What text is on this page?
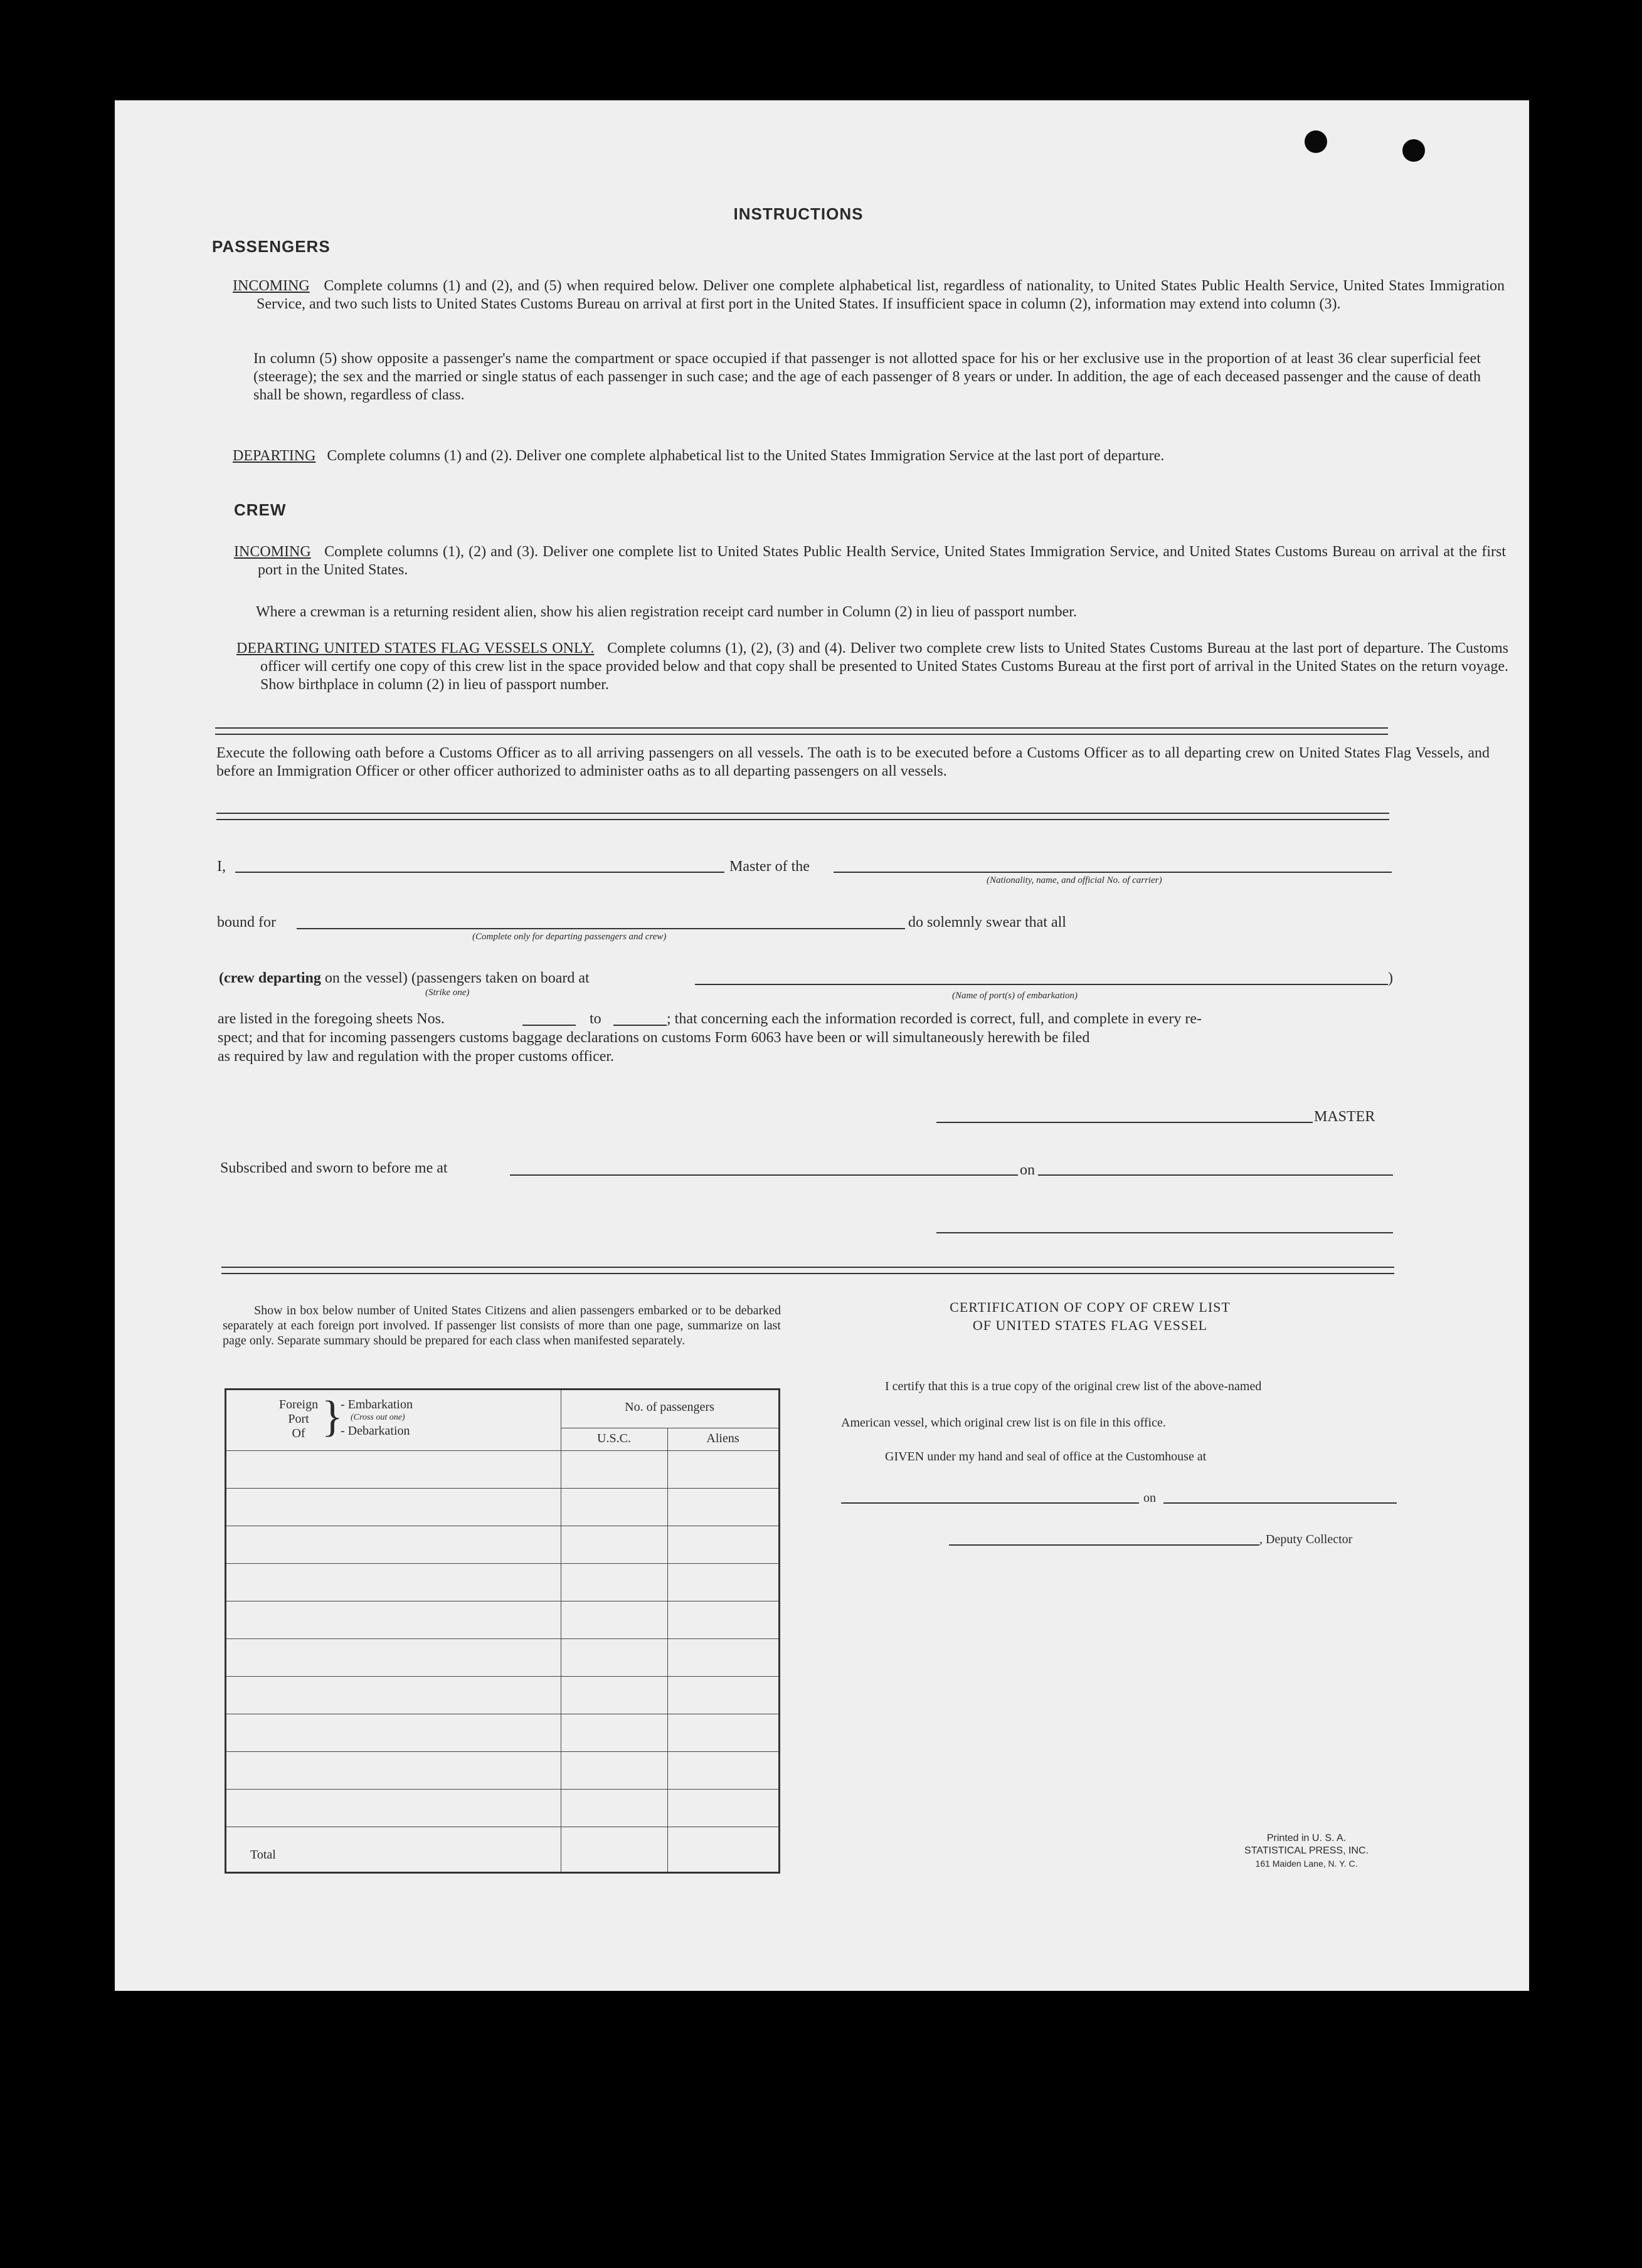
INSTRUCTIONS
PASSENGERS
INCOMING Complete columns (1) and (2), and (5) when required below. Deliver one complete alphabetical list, regardless of nationality, to United States Public Health Service, United States Immigration Service, and two such lists to United States Customs Bureau on arrival at first port in the United States. If insufficient space in column (2), information may extend into column (3).
In column (5) show opposite a passenger's name the compartment or space occupied if that passenger is not allotted space for his or her exclusive use in the proportion of at least 36 clear superficial feet (steerage); the sex and the married or single status of each passenger in such case; and the age of each passenger of 8 years or under. In addition, the age of each deceased passenger and the cause of death shall be shown, regardless of class.
DEPARTING Complete columns (1) and (2). Deliver one complete alphabetical list to the United States Immigration Service at the last port of departure.
CREW
INCOMING Complete columns (1), (2) and (3). Deliver one complete list to United States Public Health Service, United States Immigration Service, and United States Customs Bureau on arrival at the first port in the United States.
Where a crewman is a returning resident alien, show his alien registration receipt card number in Column (2) in lieu of passport number.
DEPARTING UNITED STATES FLAG VESSELS ONLY. Complete columns (1), (2), (3) and (4). Deliver two complete crew lists to United States Customs Bureau at the last port of departure. The Customs officer will certify one copy of this crew list in the space provided below and that copy shall be presented to United States Customs Bureau at the first port of arrival in the United States on the return voyage. Show birthplace in column (2) in lieu of passport number.
Execute the following oath before a Customs Officer as to all arriving passengers on all vessels. The oath is to be executed before a Customs Officer as to all departing crew on United States Flag Vessels, and before an Immigration Officer or other officer authorized to administer oaths as to all departing passengers on all vessels.
I,	Master of the
(Nationality, name, and official No. of carrier)
bound for
(Complete only for departing passengers and crew)
do solemnly swear that all
(crew departing on the vessel) (passengers taken on board at	)
(Strike one)	(Name of port(s) of embarkation)
are listed in the foregoing sheets Nos.	to	; that concerning each the information recorded is correct, full, and complete in every re-
spect; and that for incoming passengers customs baggage declarations on customs Form 6063 have been or will simultaneously herewith be filed
as required by law and regulation with the proper customs officer.
MASTER
Subscribed and sworn to before me at	on
Show in box below number of United States Citizens and alien passengers embarked or to be debarked separately at each foreign port involved. If passenger list consists of more than one page, summarize on last page only. Separate summary should be prepared for each class when manifested separately.
Foreign
Port
Of }
- Embarkation
(Cross out one)
- Debarkation
No. of passengers
U.S.C.	Aliens
Total
CERTIFICATION OF COPY OF CREW LIST
OF UNITED STATES FLAG VESSEL
I certify that this is a true copy of the original crew list of the above-named
American vessel, which original crew list is on file in this office.
GIVEN under my hand and seal of office at the Customhouse at
on
, Deputy Collector
Printed in U. S. A.
STATISTICAL PRESS, INC.
161 Maiden Lane, N. Y. C.
